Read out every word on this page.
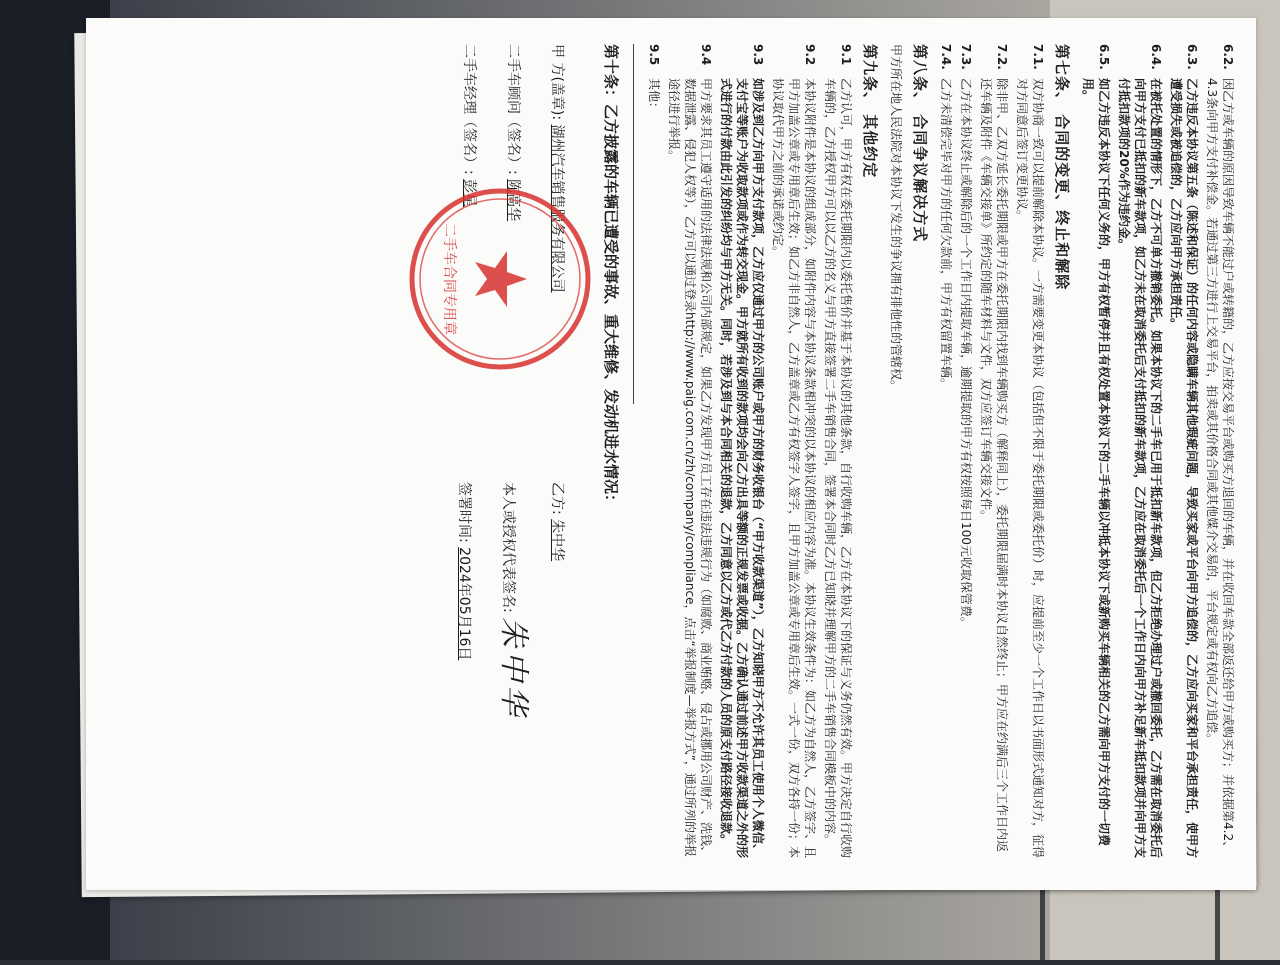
6.2.
因乙方或车辆的原因导致车辆不能过户或转籍的，乙方应按交易平台或购买方退回的车辆，并在收回车款全部返还给甲方或购买方；并依据第4.2、4.3条向甲方支付补偿金。若通过第三方进行上交易平台，拍卖或其价格合同或其他媒介交易的，平台规定或有权向乙方追偿。
6.3.
乙方违反本协议第五条（陈述和保证）的任何内容或隐瞒车辆其他瑕疵问题，导致买家或平台向甲方追偿的，乙方应向买家和平台承担责任，使甲方遭受损失或被追偿的，乙方应向甲方承担责任。
6.4.
在被托处置的情形下，乙方不可单方撤销委托。如果本协议下的二手车已用于抵扣新车款项，但乙方拒绝办理过户或撤回委托，乙方需在取消委托后向甲方支付已抵扣的新车款项，如乙方未在取消委托后支付抵扣的新车款项，乙方应在取消委托后一个工作日内向甲方补足新车抵扣款项并向甲方支付抵扣款项的20%作为违约金。
6.5.
如乙方违反本协议下任何义务的，甲方有权暂停并且有权处置本协议下的二手车辆以冲抵本协议下或新购买车辆相关的乙方需向甲方支付的一切费用。
第七条、 合同的变更、终止和解除
7.1.
双方协商一致可以提前解除本协议。一方需要变更本协议（包括但不限于委托期限或委托价）时，应提前至少一个工作日以书面形式通知对方，征得对方同意后签订变更协议。
7.2.
除非甲、乙双方延长委托期限或甲方在委托期限内找到车辆购买方（解释同上），委托期限届满时本协议自然终止；甲方应在约满后三个工作日内返还车辆及附件《车辆交接单》所约定的随车材料与文件，双方应签订车辆交接文件。
7.3.
乙方在本协议终止或解除后的一个工作日内提取车辆，逾期提取的甲方有权按照每日100元收取保管费。
7.4.
乙方未清偿完毕对甲方的任何欠款前，甲方有权留置车辆。
第八条、 合同争议解决方式
甲方所在地人民法院对本协议下发生的争议拥有排他性的管辖权。
第九条、 其他约定
9.1
乙方认可，甲方有权在委托期限内以委托售价并基于本协议的其他条款，自行收购车辆，乙方在本协议下的保证与义务仍然有效。甲方决定自行收购车辆的，乙方授权甲方可以以乙方的名义与甲方直接签署二手车销售合同，签署本合同时乙方已知晓并理解甲方的二手车销售合同模板中的内容。
9.2
本协议附件是本协议的组成部分，如附件内容与本协议条款相冲突的以本协议的相应内容为准。本协议生效条件为：如乙方为自然人，乙方签字、且甲方加盖公章或专用章后生效；如乙方非自然人，乙方盖章或乙方有权签字人签字，且甲方加盖公章或专用章后生效。一式一份，双方各持一份；本协议取代甲方之前的承诺或约定。
9.3
如涉及到乙方向甲方支付款项，乙方应仅通过甲方的公司账户或甲方的财务收银台（“甲方收款渠道”），乙方知晓甲方不允许其员工使用个人微信、支付宝等账户为收取款项或作为转交现金。甲方就所有收到的款项均会向乙方出具等额的正规发票或收据。乙方确认通过前述甲方收款渠道之外的形式进行的付款由此引发的纠纷均与甲方无关。同时，若涉及到与本合同相关的退款，乙方同意以乙方或代乙方付款的人员的原支付路径接收退款。
9.4
甲方要求其员工遵守适用的法律法规和公司内部规定，如果乙方发现甲方员工存在违法违规行为（如腐败、商业贿赂、侵占或挪用公司财产、洗钱、数据泄露、侵犯人权等），乙方可以通过登录http://www.paig.com.cn/zh/company/compliance，点击“举报制度—举报方式”，通过所列的举报途径进行举报。
9.5
其他：
第十条：乙方披露的车辆已遭受的事故、重大维修、发动机进水情况：
甲 方(盖章): 湖州汽车销售服务有限公司
二手车顾问（签名）: 陈高华
二手车经理（签名）: 彭星
二手车合同专用章
乙方: 朱中华
本人或授权代表签名: 朱中华
签署时间: 2024年05月16日
